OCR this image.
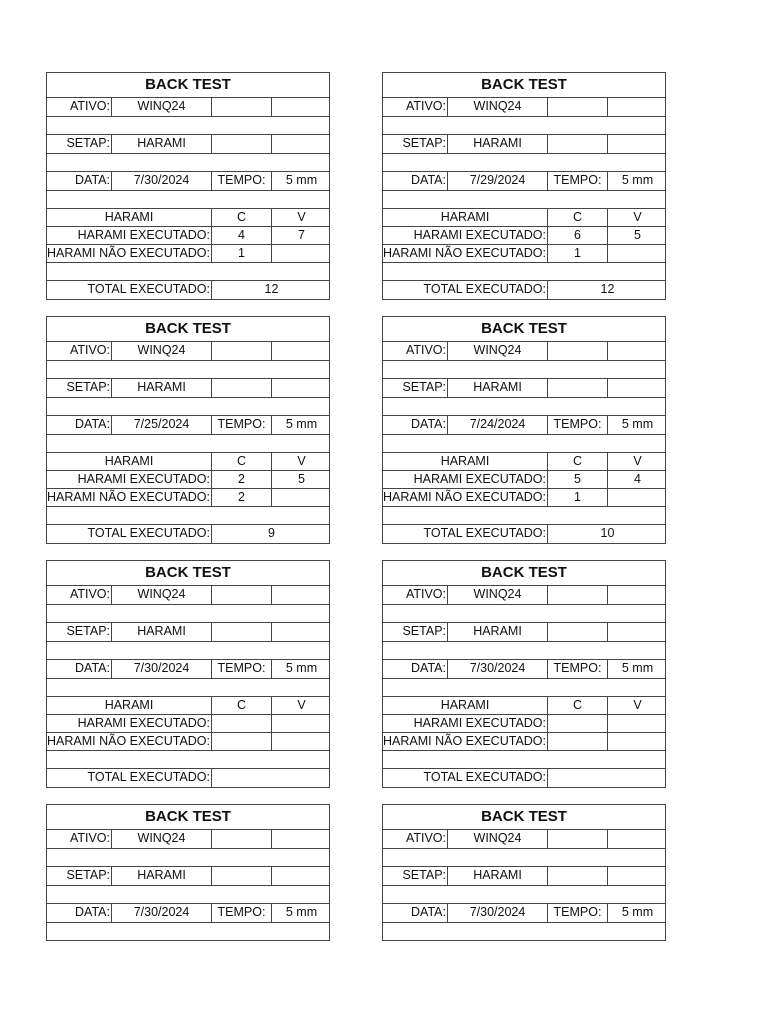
BACK TEST
ATIVO:	WINQ24
SETAP:	HARAMI
DATA:	7/30/2024	TEMPO:	5 mm
HARAMI	C	V
HARAMI EXECUTADO:	4	7
HARAMI NÃO EXECUTADO:	1
TOTAL EXECUTADO:	12
BACK TEST
ATIVO:	WINQ24
SETAP:	HARAMI
DATA:	7/29/2024	TEMPO:	5 mm
HARAMI	C	V
HARAMI EXECUTADO:	6	5
HARAMI NÃO EXECUTADO:	1
TOTAL EXECUTADO:	12
BACK TEST
ATIVO:	WINQ24
SETAP:	HARAMI
DATA:	7/25/2024	TEMPO:	5 mm
HARAMI	C	V
HARAMI EXECUTADO:	2	5
HARAMI NÃO EXECUTADO:	2
TOTAL EXECUTADO:	9
BACK TEST
ATIVO:	WINQ24
SETAP:	HARAMI
DATA:	7/24/2024	TEMPO:	5 mm
HARAMI	C	V
HARAMI EXECUTADO:	5	4
HARAMI NÃO EXECUTADO:	1
TOTAL EXECUTADO:	10
BACK TEST
ATIVO:	WINQ24
SETAP:	HARAMI
DATA:	7/30/2024	TEMPO:	5 mm
HARAMI	C	V
HARAMI EXECUTADO:
HARAMI NÃO EXECUTADO:
TOTAL EXECUTADO:
BACK TEST
ATIVO:	WINQ24
SETAP:	HARAMI
DATA:	7/30/2024	TEMPO:	5 mm
HARAMI	C	V
HARAMI EXECUTADO:
HARAMI NÃO EXECUTADO:
TOTAL EXECUTADO:
BACK TEST
ATIVO:	WINQ24
SETAP:	HARAMI
DATA:	7/30/2024	TEMPO:	5 mm
BACK TEST
ATIVO:	WINQ24
SETAP:	HARAMI
DATA:	7/30/2024	TEMPO:	5 mm
